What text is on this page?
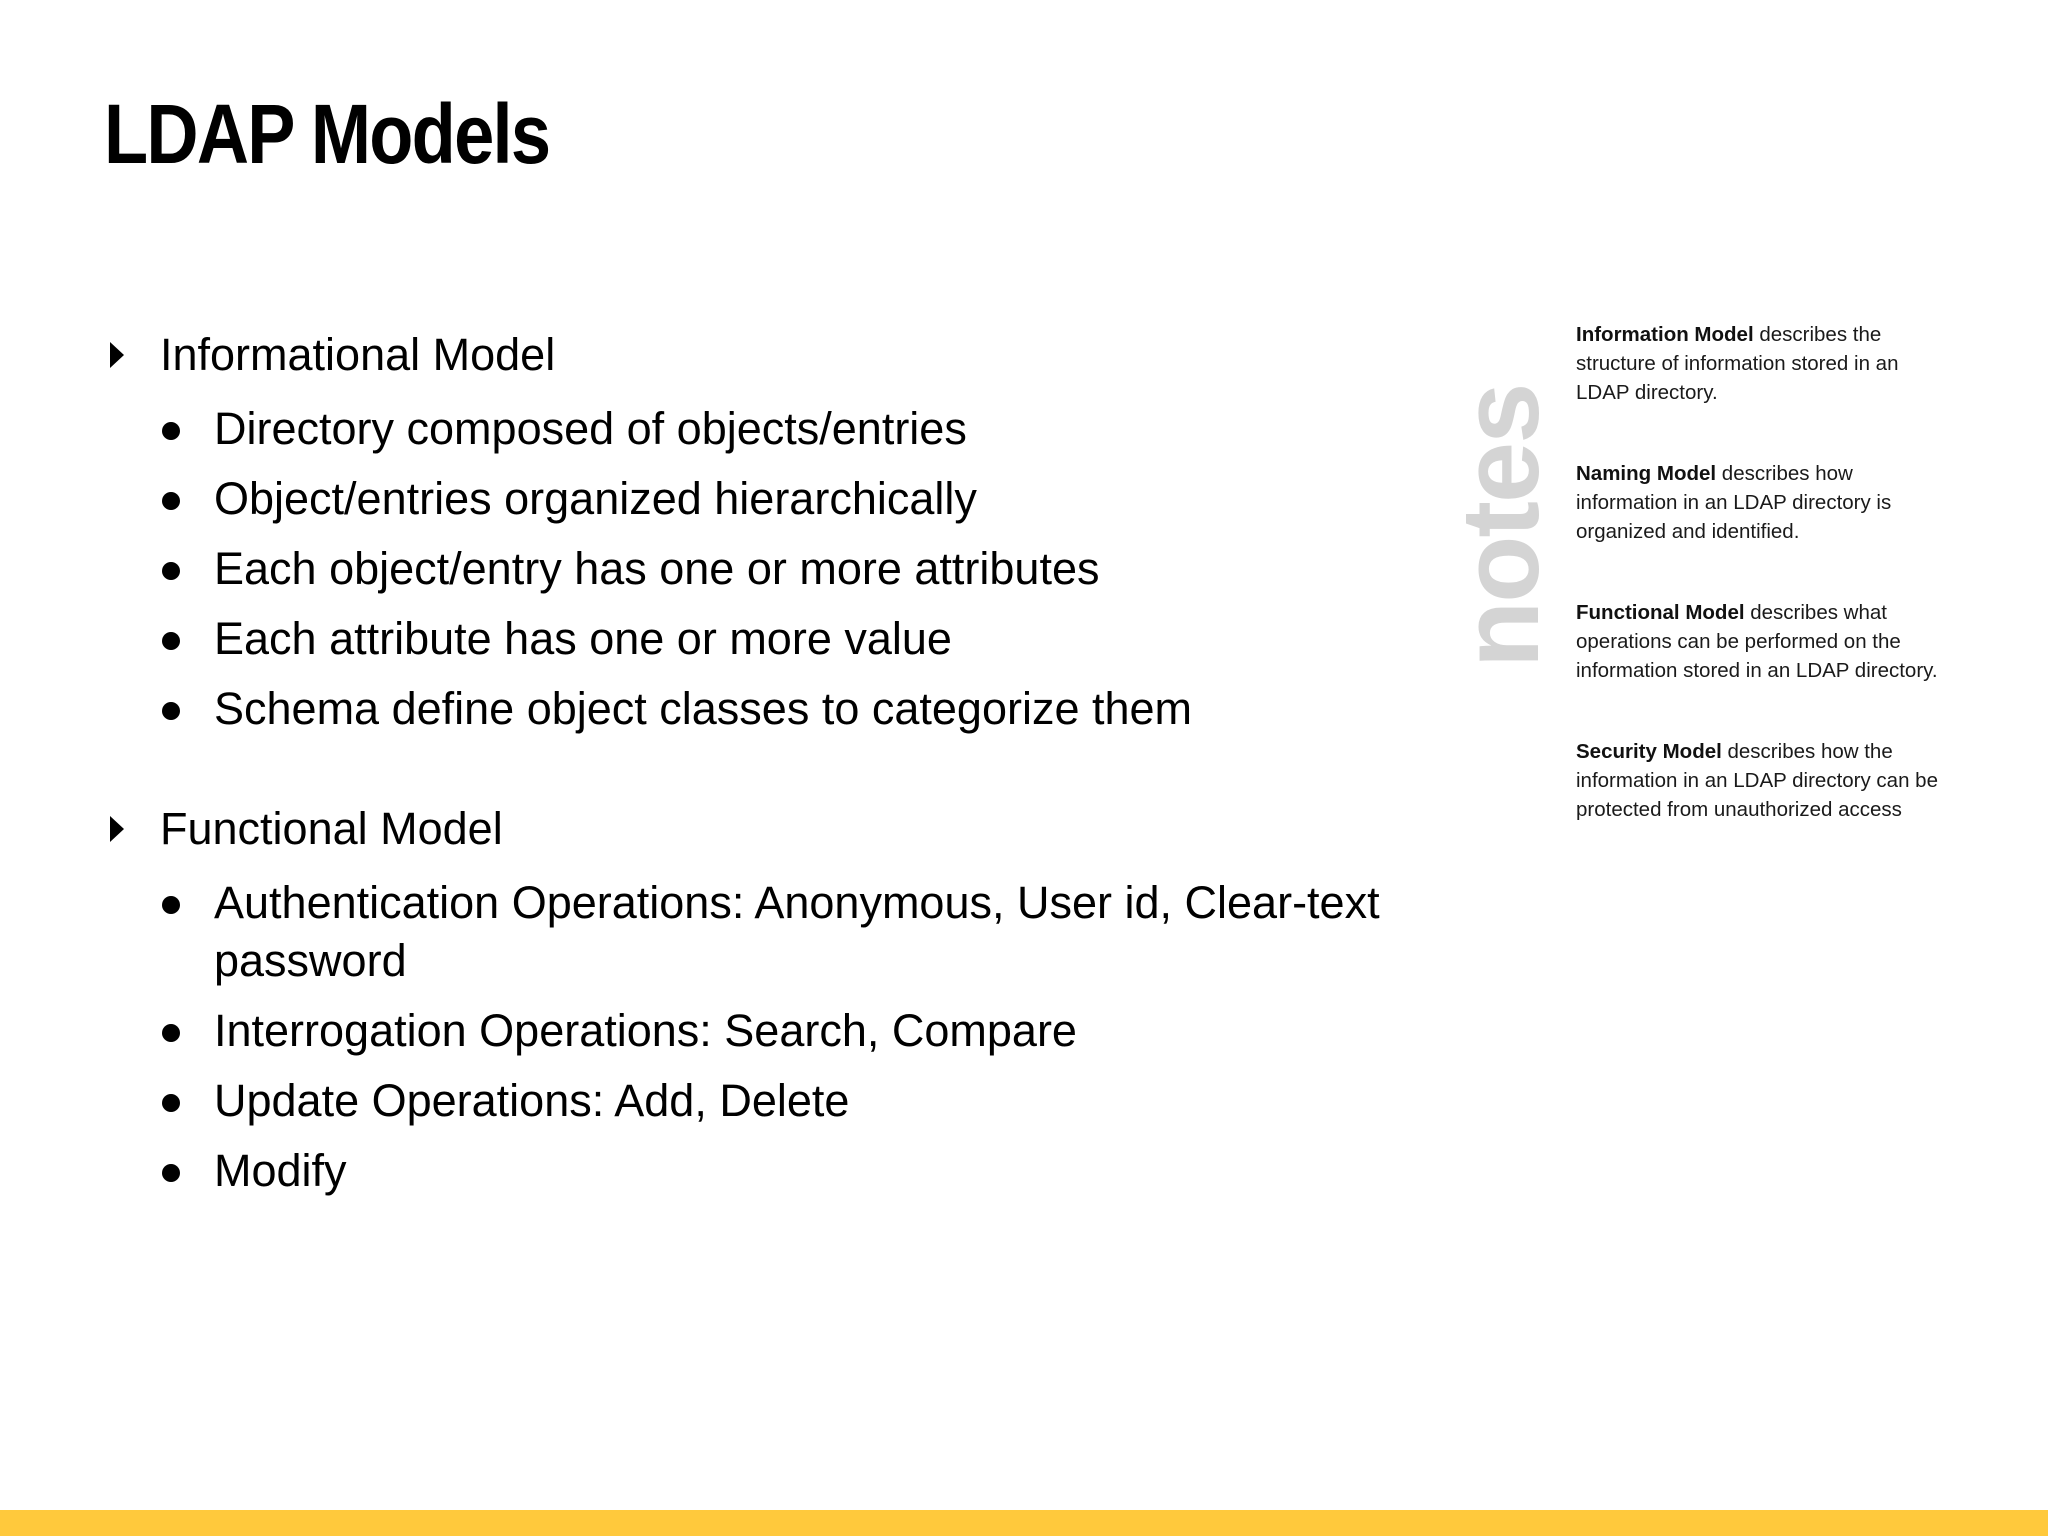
LDAP Models
Informational Model
Directory composed of objects/entries
Object/entries organized hierarchically
Each object/entry has one or more attributes
Each attribute has one or more value
Schema define object classes to categorize them
Functional Model
Authentication Operations: Anonymous, User id, Clear-text password
Interrogation Operations: Search, Compare
Update Operations: Add, Delete
Modify
notes

Information Model describes the structure of information stored in an LDAP directory.

Naming Model describes how information in an LDAP directory is organized and identified.

Functional Model describes what operations can be performed on the information stored in an LDAP directory.

Security Model describes how the information in an LDAP directory can be protected from unauthorized access
